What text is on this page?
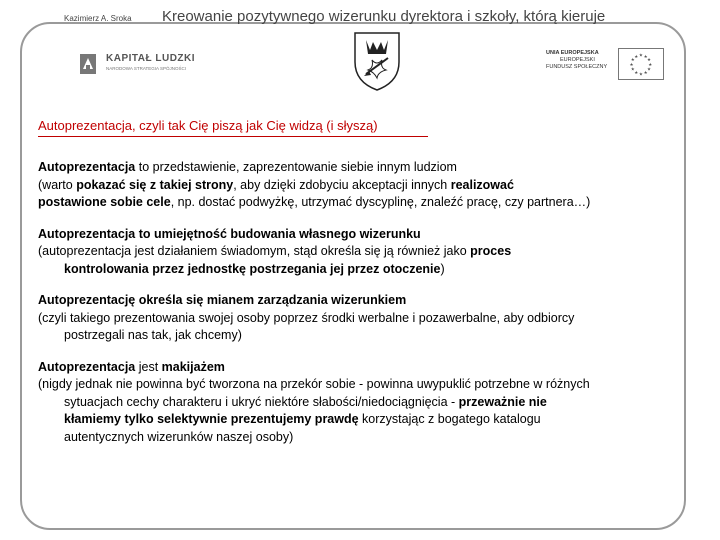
Kazimierz A. Sroka Kreowanie pozytywnego wizerunku dyrektora i szkoły, którą kieruje
KAPITAŁ LUDZKI
NARODOWA STRATEGIA SPÓJNOŚCI
UNIA EUROPEJSKA
EUROPEJSKI
FUNDUSZ SPOŁECZNY	★
★
★
★
★
★
★
★
★ ★ ★
★
Autoprezentacja, czyli tak Cię piszą jak Cię widzą (i słyszą)

Autoprezentacja to przedstawienie, zaprezentowanie siebie innym ludziom
(warto pokazać się z takiej strony, aby dzięki zdobyciu akceptacji innych realizować
postawione sobie cele, np. dostać podwyżkę, utrzymać dyscyplinę, znaleźć pracę, czy partnera…)

Autoprezentacja to umiejętność budowania własnego wizerunku
(autoprezentacja jest działaniem świadomym, stąd określa się ją również jako proces
kontrolowania przez jednostkę postrzegania jej przez otoczenie)

Autoprezentację określa się mianem zarządzania wizerunkiem
(czyli takiego prezentowania swojej osoby poprzez środki werbalne i pozawerbalne, aby odbiorcy
postrzegali nas tak, jak chcemy)

Autoprezentacja jest makijażem
(nigdy jednak nie powinna być tworzona na przekór sobie - powinna uwypuklić potrzebne w różnych
sytuacjach cechy charakteru i ukryć niektóre słabości/niedociągnięcia - przeważnie nie
kłamiemy tylko selektywnie prezentujemy prawdę korzystając z bogatego katalogu
autentycznych wizerunków naszej osoby)
